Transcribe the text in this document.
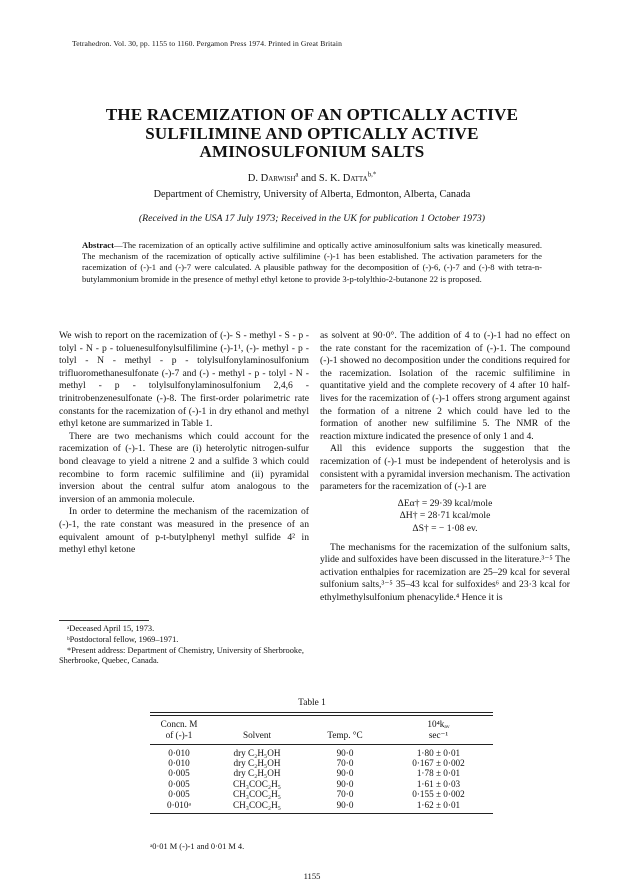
Tetrahedron. Vol. 30, pp. 1155 to 1160. Pergamon Press 1974. Printed in Great Britain
THE RACEMIZATION OF AN OPTICALLY ACTIVE
SULFILIMINE AND OPTICALLY ACTIVE
AMINOSULFONIUM SALTS
D. Darwish$^a$ and S. K. Datta$^{b,*}$
Department of Chemistry, University of Alberta, Edmonton, Alberta, Canada
(Received in the USA 17 July 1973; Received in the UK for publication 1 October 1973)
Abstract—The racemization of an optically active sulfilimine and optically active aminosulfonium salts was kinetically measured. The mechanism of the racemization of optically active sulfilimine (-)-1 has been established. The activation parameters for the racemization of (-)-1 and (-)-7 were calculated. A plausible pathway for the decomposition of (-)-6, (-)-7 and (-)-8 with tetra-n-butylammonium bromide in the presence of methyl ethyl ketone to provide 3-p-tolylthio-2-butanone 22 is proposed.

We wish to report on the racemization of (-)- S - methyl - S - p - tolyl - N - p - toluenesulfonylsulfilimine (-)-1¹, (-)- methyl - p - tolyl - N - methyl - p - tolylsulfonylaminosulfonium trifluoromethanesulfonate (-)-7 and (-) - methyl - p - tolyl - N - methyl - p - tolylsulfonylaminosulfonium 2,4,6 - trinitrobenzenesulfonate (-)-8. The first-order polarimetric rate constants for the racemization of (-)-1 in dry ethanol and methyl ethyl ketone are summarized in Table 1.

There are two mechanisms which could account for the racemization of (-)-1. These are (i) heterolytic nitrogen-sulfur bond cleavage to yield a nitrene 2 and a sulfide 3 which could recombine to form racemic sulfilimine and (ii) pyramidal inversion about the central sulfur atom analogous to the inversion of an ammonia molecule.

In order to determine the mechanism of the racemization of (-)-1, the rate constant was measured in the presence of an equivalent amount of p-t-butylphenyl methyl sulfide 4² in methyl ethyl ketone

as solvent at 90·0°. The addition of 4 to (-)-1 had no effect on the rate constant for the racemization of (-)-1. The compound (-)-1 showed no decomposition under the conditions required for the racemization. Isolation of the racemic sulfilimine in quantitative yield and the complete recovery of 4 after 10 half-lives for the racemization of (-)-1 offers strong argument against the formation of a nitrene 2 which could have led to the formation of another new sulfilimine 5. The NMR of the reaction mixture indicated the presence of only 1 and 4.

All this evidence supports the suggestion that the racemization of (-)-1 must be independent of heterolysis and is consistent with a pyramidal inversion mechanism. The activation parameters for the racemization of (-)-1 are

ΔEα† = 29·39 kcal/mole
ΔH† = 28·71 kcal/mole
ΔS† = − 1·08 ev.

The mechanisms for the racemization of the sulfonium salts, ylide and sulfoxides have been discussed in the literature.³⁻⁵ The activation enthalpies for racemization are 25–29 kcal for several sulfonium salts,³⁻⁵ 35–43 kcal for sulfoxides⁶ and 23·3 kcal for ethylmethylsulfonium phenacylide.⁴ Hence it is

ᵃDeceased April 15, 1973.
ᵇPostdoctoral fellow, 1969–1971.
*Present address: Department of Chemistry, University of Sherbrooke, Sherbrooke, Quebec, Canada.
Table 1
Concn. M			10⁴kₐᵥ
of (-)-1	Solvent	Temp. °C	sec⁻¹
0·010	dry C₂H₅OH	90·0	1·80 ± 0·01
0·010	dry C₂H₅OH	70·0	0·167 ± 0·002
0·005	dry C₂H₅OH	90·0	1·78 ± 0·01
0·005	CH₃COC₂H₅	90·0	1·61 ± 0·03
0·005	CH₃COC₂H₅	70·0	0·155 ± 0·002
0·010ᵃ	CH₃COC₂H₅	90·0	1·62 ± 0·01
ᵃ0·01 M (-)-1 and 0·01 M 4.
1155
